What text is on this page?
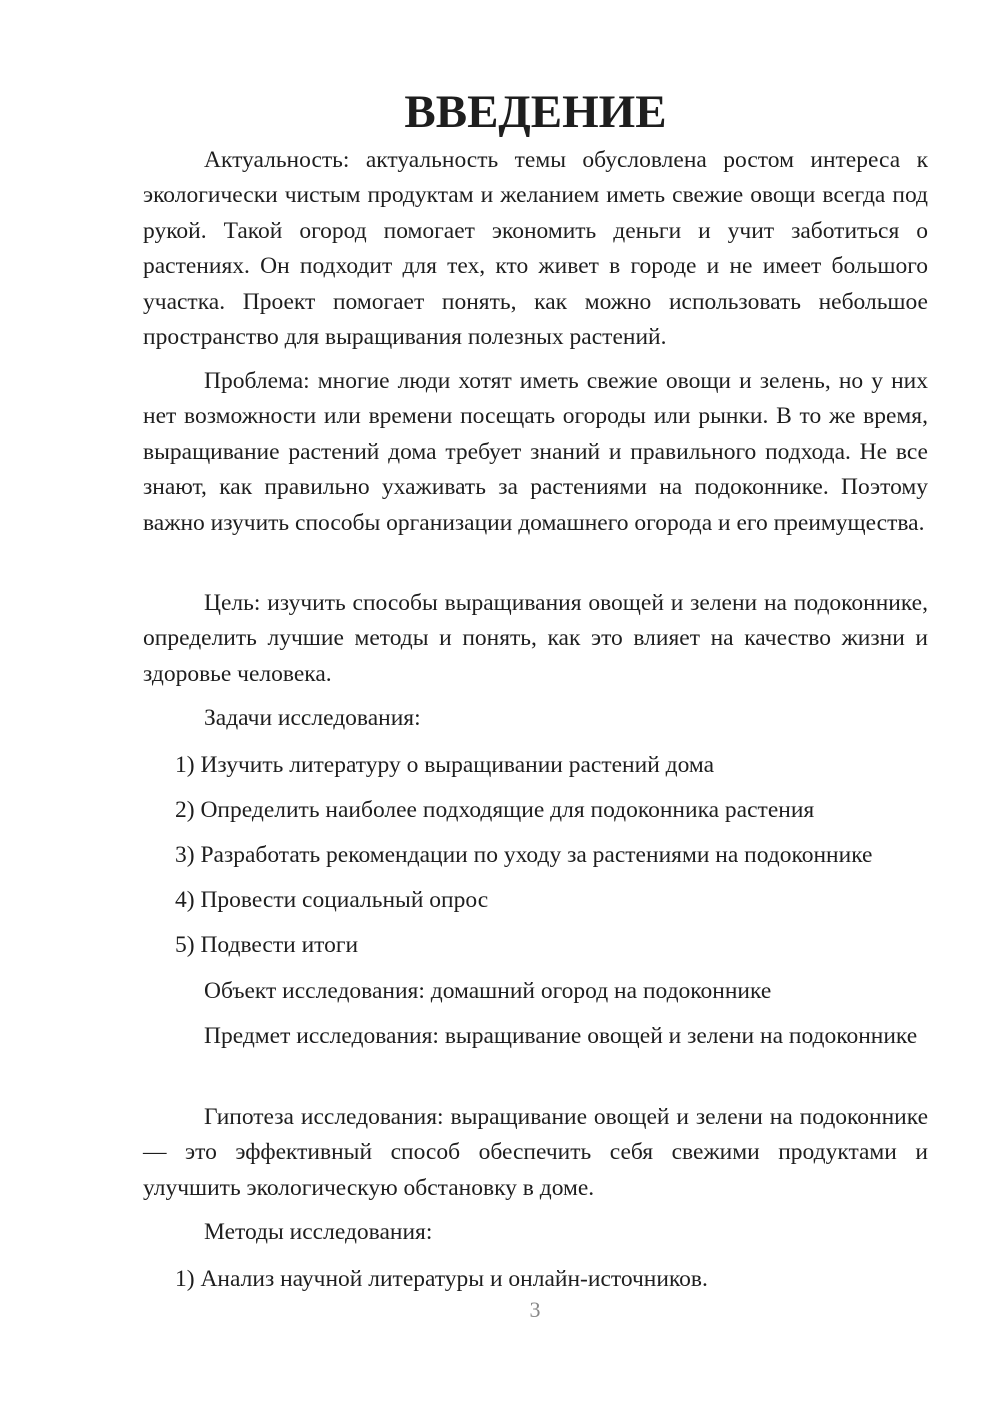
ВВЕДЕНИЕ

Актуальность: актуальность темы обусловлена ростом интереса к экологически чистым продуктам и желанием иметь свежие овощи всегда под рукой. Такой огород помогает экономить деньги и учит заботиться о растениях. Он подходит для тех, кто живет в городе и не имеет большого участка. Проект помогает понять, как можно использовать небольшое пространство для выращивания полезных растений.

Проблема: многие люди хотят иметь свежие овощи и зелень, но у них нет возможности или времени посещать огороды или рынки. В то же время, выращивание растений дома требует знаний и правильного подхода. Не все знают, как правильно ухаживать за растениями на подоконнике. Поэтому важно изучить способы организации домашнего огорода и его преимущества.

Цель: изучить способы выращивания овощей и зелени на подоконнике, определить лучшие методы и понять, как это влияет на качество жизни и здоровье человека.

Задачи исследования:

1) Изучить литературу о выращивании растений дома

2) Определить наиболее подходящие для подоконника растения

3) Разработать рекомендации по уходу за растениями на подоконнике

4) Провести социальный опрос

5) Подвести итоги

Объект исследования: домашний огород на подоконнике

Предмет исследования: выращивание овощей и зелени на подоконнике

Гипотеза исследования: выращивание овощей и зелени на подоконнике — это эффективный способ обеспечить себя свежими продуктами и улучшить экологическую обстановку в доме.

Методы исследования:

1) Анализ научной литературы и онлайн-источников.

3
